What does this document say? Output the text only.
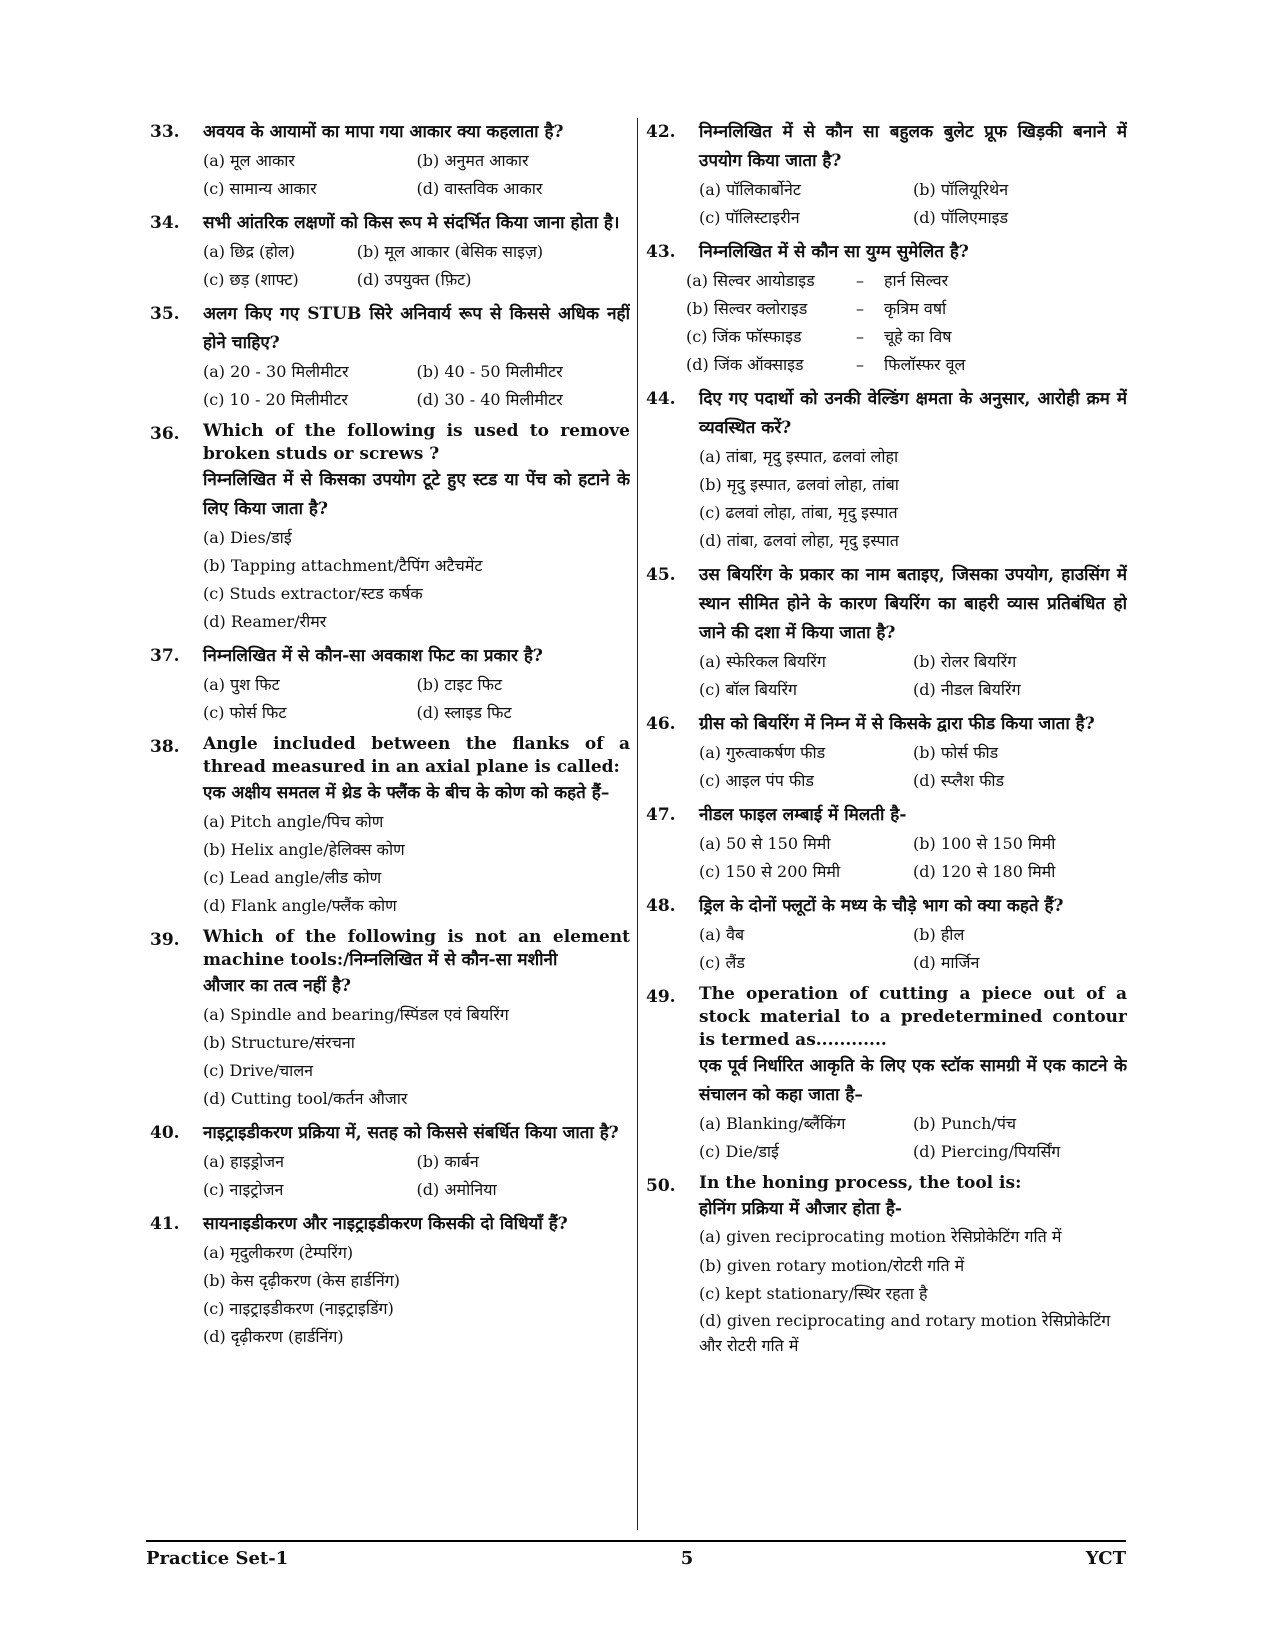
33.	अवयव के आयामों का मापा गया आकार क्या कहलाता है?
(a) मूल आकार	(b) अनुमत आकार
(c) सामान्य आकार	(d) वास्तविक आकार
34.	सभी आंतरिक लक्षणों को किस रूप मे संदर्भित किया जाना होता है।
(a) छिद्र (होल)	(b) मूल आकार (बेसिक साइज़)
(c) छड़ (शाफ्ट)	(d) उपयुक्त (फ़िट)
35.	अलग किए गए STUB सिरे अनिवार्य रूप से किससे अधिक नहीं होने चाहिए?
(a) 20 - 30 मिलीमीटर	(b) 40 - 50 मिलीमीटर
(c) 10 - 20 मिलीमीटर	(d) 30 - 40 मिलीमीटर
36.	Which of the following is used to remove broken studs or screws ?
निम्नलिखित में से किसका उपयोग टूटे हुए स्टड या पेंच को हटाने के लिए किया जाता है?
(a) Dies/डाई
(b) Tapping attachment/टैपिंग अटैचमेंट
(c) Studs extractor/स्टड कर्षक
(d) Reamer/रीमर
37.	निम्नलिखित में से कौन-सा अवकाश फिट का प्रकार है?
(a) पुश फिट	(b) टाइट फिट
(c) फोर्स फिट	(d) स्लाइड फिट
38.	Angle included between the flanks of a thread measured in an axial plane is called:
एक अक्षीय समतल में थ्रेड के फ्लैंक के बीच के कोण को कहते हैं–
(a) Pitch angle/पिच कोण
(b) Helix angle/हेलिक्स कोण
(c) Lead angle/लीड कोण
(d) Flank angle/फ्लैंक कोण
39.	Which of the following is not an element machine tools:/निम्नलिखित में से कौन-सा मशीनी
औजार का तत्व नहीं है?
(a) Spindle and bearing/स्पिंडल एवं बियरिंग
(b) Structure/संरचना
(c) Drive/चालन
(d) Cutting tool/कर्तन औजार
40.	नाइट्राइडीकरण प्रक्रिया में, सतह को किससे संबर्धित किया जाता है?
(a) हाइड्रोजन	(b) कार्बन
(c) नाइट्रोजन	(d) अमोनिया
41.	सायनाइडीकरण और नाइट्राइडीकरण किसकी दो विधियाँ हैं?
(a) मृदुलीकरण (टेम्परिंग)
(b) केस दृढ़ीकरण (केस हार्डनिंग)
(c) नाइट्राइडीकरण (नाइट्राइडिंग)
(d) दृढ़ीकरण (हार्डनिंग)
42.	निम्नलिखित में से कौन सा बहुलक बुलेट प्रूफ खिड़की बनाने में उपयोग किया जाता है?
(a) पॉलिकार्बोनेट	(b) पॉलियूरिथेन
(c) पॉलिस्टाइरीन	(d) पॉलिएमाइड
43.	निम्नलिखित में से कौन सा युग्म सुमेलित है?
(a) सिल्वर आयोडाइड	–	हार्न सिल्वर
(b) सिल्वर क्लोराइड	–	कृत्रिम वर्षा
(c) जिंक फॉस्फाइड	–	चूहे का विष
(d) जिंक ऑक्साइड	–	फिलॉस्फर वूल
44.	दिए गए पदार्थो को उनकी वेल्डिंग क्षमता के अनुसार, आरोही क्रम में व्यवस्थित करें?
(a) तांबा, मृदु इस्पात, ढलवां लोहा
(b) मृदु इस्पात, ढलवां लोहा, तांबा
(c) ढलवां लोहा, तांबा, मृदु इस्पात
(d) तांबा, ढलवां लोहा, मृदु इस्पात
45.	उस बियरिंग के प्रकार का नाम बताइए, जिसका उपयोग, हाउसिंग में स्थान सीमित होने के कारण बियरिंग का बाहरी व्यास प्रतिबंधित हो जाने की दशा में किया जाता है?
(a) स्फेरिकल बियरिंग	(b) रोलर बियरिंग
(c) बॉल बियरिंग	(d) नीडल बियरिंग
46.	ग्रीस को बियरिंग में निम्न में से किसके द्वारा फीड किया जाता है?
(a) गुरुत्वाकर्षण फीड	(b) फोर्स फीड
(c) आइल पंप फीड	(d) स्प्लैश फीड
47.	नीडल फाइल लम्बाई में मिलती है-
(a) 50 से 150 मिमी	(b) 100 से 150 मिमी
(c) 150 से 200 मिमी	(d) 120 से 180 मिमी
48.	ड्रिल के दोनों फ्लूटों के मध्य के चौड़े भाग को क्या कहते हैं?
(a) वैब	(b) हील
(c) लैंड	(d) मार्जिन
49.	The operation of cutting a piece out of a stock material to a predetermined contour is termed as............
एक पूर्व निर्धारित आकृति के लिए एक स्टॉक सामग्री में एक काटने के संचालन को कहा जाता है–
(a) Blanking/ब्लैंकिंग	(b) Punch/पंच
(c) Die/डाई	(d) Piercing/पियर्सिंग
50.	In the honing process, the tool is:
होनिंग प्रक्रिया में औजार होता है-
(a) given reciprocating motion रेसिप्रोकेटिंग गति में
(b) given rotary motion/रोटरी गति में
(c) kept stationary/स्थिर रहता है
(d) given reciprocating and rotary motion रेसिप्रोकेटिंग और रोटरी गति में
Practice Set-1	5	YCT
